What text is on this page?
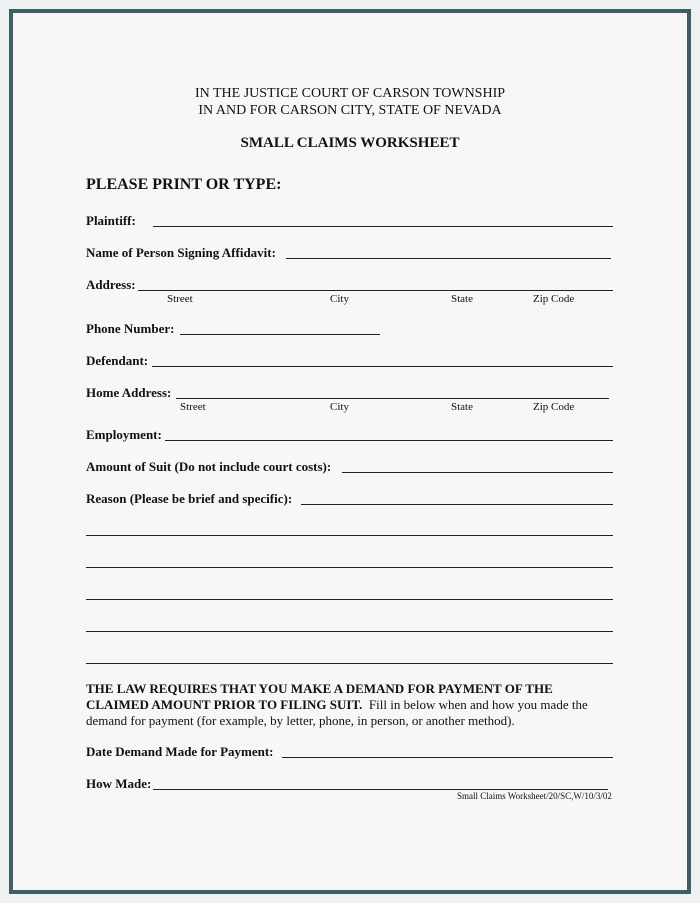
IN THE JUSTICE COURT OF CARSON TOWNSHIP
IN AND FOR CARSON CITY, STATE OF NEVADA
SMALL CLAIMS WORKSHEET
PLEASE PRINT OR TYPE:
Plaintiff:
Name of Person Signing Affidavit:
Address:
Street	City	State	Zip Code
Phone Number:
Defendant:
Home Address:
Street	City	State	Zip Code
Employment:
Amount of Suit (Do not include court costs):
Reason (Please be brief and specific):
THE LAW REQUIRES THAT YOU MAKE A DEMAND FOR PAYMENT OF THE CLAIMED AMOUNT PRIOR TO FILING SUIT. Fill in below when and how you made the demand for payment (for example, by letter, phone, in person, or another method).
Date Demand Made for Payment:
How Made:
Small Claims Worksheet/20/SC,W/10/3/02
